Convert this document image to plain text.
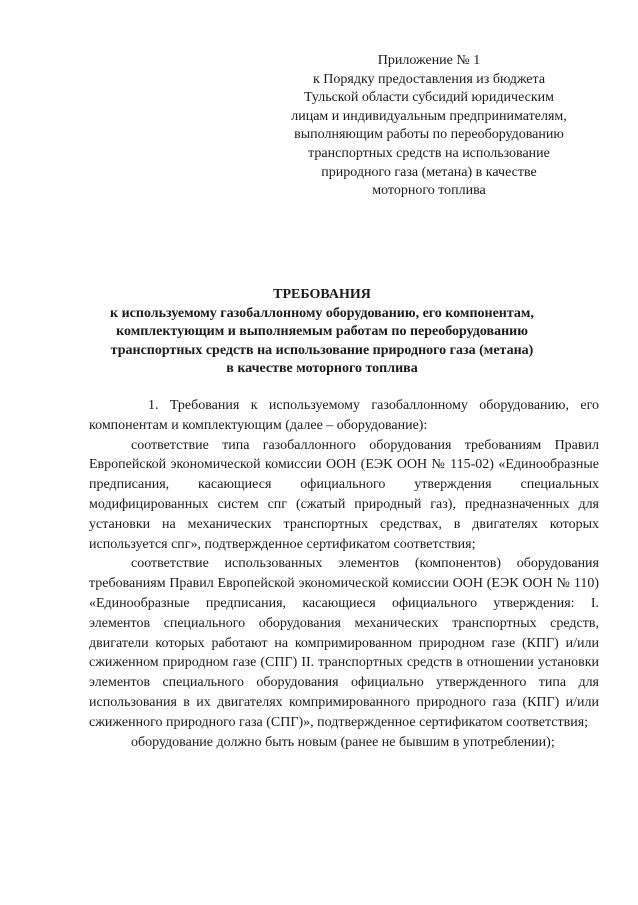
Приложение № 1
к Порядку предоставления из бюджета
Тульской области субсидий юридическим
лицам и индивидуальным предпринимателям,
выполняющим работы по переоборудованию
транспортных средств на использование
природного газа (метана) в качестве
моторного топлива
ТРЕБОВАНИЯ
к используемому газобаллонному оборудованию, его компонентам,
комплектующим и выполняемым работам по переоборудованию
транспортных средств на использование природного газа (метана)
в качестве моторного топлива

1. Требования к используемому газобаллонному оборудованию, его компонентам и комплектующим (далее – оборудование):

соответствие типа газобаллонного оборудования требованиям Правил Европейской экономической комиссии ООН (ЕЭК ООН № 115-02) «Единообразные предписания, касающиеся официального утверждения специальных модифицированных систем спг (сжатый природный газ), предназначенных для установки на механических транспортных средствах, в двигателях которых используется спг», подтвержденное сертификатом соответствия;

соответствие использованных элементов (компонентов) оборудования требованиям Правил Европейской экономической комиссии ООН (ЕЭК ООН № 110) «Единообразные предписания, касающиеся официального утверждения: I. элементов специального оборудования механических транспортных средств, двигатели которых работают на компримированном природном газе (КПГ) и/или сжиженном природном газе (СПГ) II. транспортных средств в отношении установки элементов специального оборудования официально утвержденного типа для использования в их двигателях компримированного природного газа (КПГ) и/или сжиженного природного газа (СПГ)», подтвержденное сертификатом соответствия;

оборудование должно быть новым (ранее не бывшим в употреблении);
